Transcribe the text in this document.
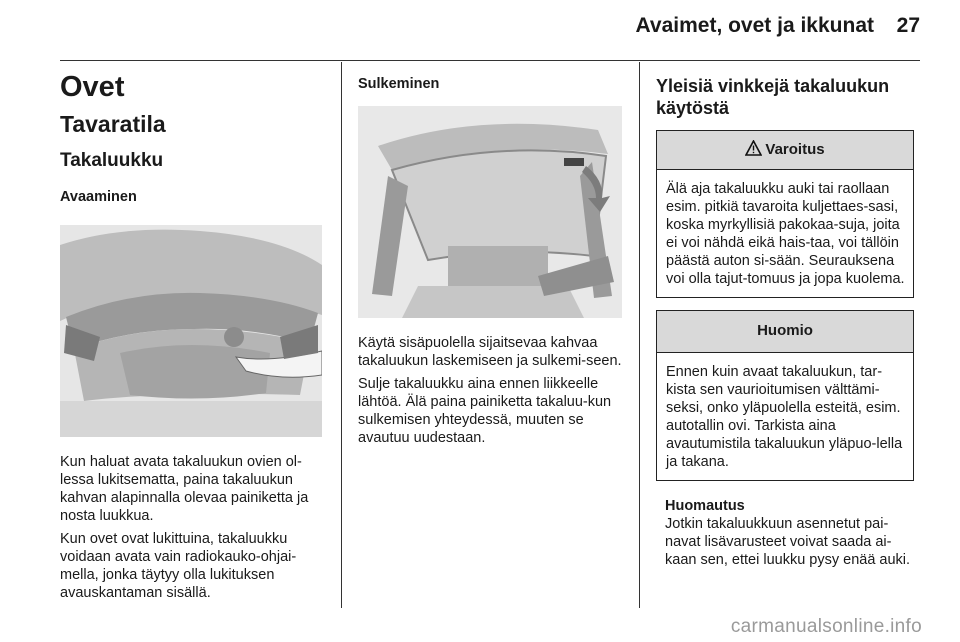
Avaimet, ovet ja ikkunat 27
Ovet
Tavaratila
Takaluukku
Avaaminen

Kun haluat avata takaluukun ovien ol-lessa lukitsematta, paina takaluukun kahvan alapinnalla olevaa painiketta ja nosta luukkua.

Kun ovet ovat lukittuina, takaluukku voidaan avata vain radiokauko-ohjai-mella, jonka täytyy olla lukituksen avauskantaman sisällä.

Sulkeminen

Käytä sisäpuolella sijaitsevaa kahvaa takaluukun laskemiseen ja sulkemi-seen.

Sulje takaluukku aina ennen liikkeelle lähtöä. Älä paina painiketta takaluu-kun sulkemisen yhteydessä, muuten se avautuu uudestaan.

Yleisiä vinkkejä takaluukun käytöstä
Varoitus
Älä aja takaluukku auki tai raollaan esim. pitkiä tavaroita kuljettaes-sasi, koska myrkyllisiä pakokaa-suja, joita ei voi nähdä eikä hais-taa, voi tällöin päästä auton si-sään. Seurauksena voi olla tajut-tomuus ja jopa kuolema.
Huomio
Ennen kuin avaat takaluukun, tar-kista sen vaurioitumisen välttämi-seksi, onko yläpuolella esteitä, esim. autotallin ovi. Tarkista aina avautumistila takaluukun yläpuo-lella ja takana.
Huomautus
Jotkin takaluukkuun asennetut pai-navat lisävarusteet voivat saada ai-kaan sen, ettei luukku pysy enää auki.
carmanualsonline.info
